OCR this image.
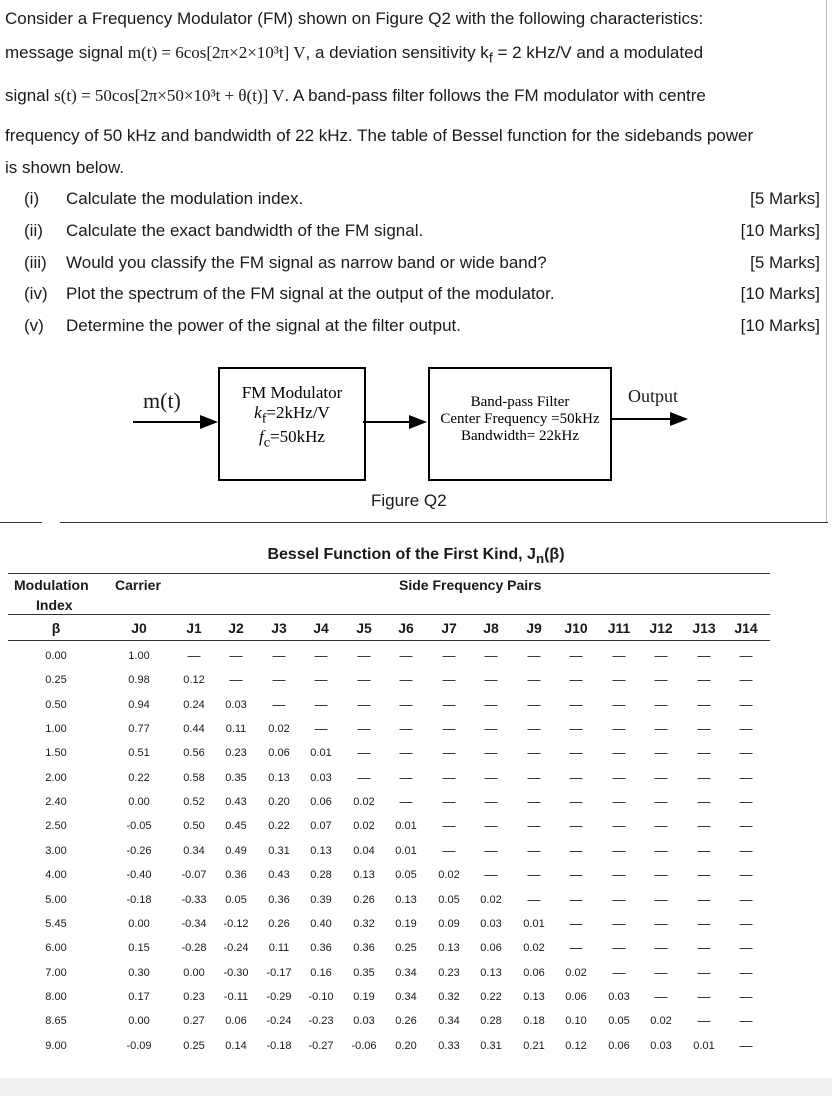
Consider a Frequency Modulator (FM) shown on Figure Q2 with the following characteristics:
message signal m(t) = 6cos[2π×2×10³t] V, a deviation sensitivity $k_f = 2$ kHz/V and a modulated
signal s(t) = 50cos[2π×50×10³t + θ(t)] V. A band-pass filter follows the FM modulator with centre
frequency of 50 kHz and bandwidth of 22 kHz. The table of Bessel function for the sidebands power
is shown below.
(i) Calculate the modulation index.	[5 Marks]
(ii) Calculate the exact bandwidth of the FM signal.	[10 Marks]
(iii) Would you classify the FM signal as narrow band or wide band?	[5 Marks]
(iv) Plot the spectrum of the FM signal at the output of the modulator.	[10 Marks]
(v) Determine the power of the signal at the filter output.	[10 Marks]
m(t)	FM Modulator
$k_f=2kHz/V$
$f_c=50kHz$
Band-pass Filter
Center Frequency =50kHz
Bandwidth= 22kHz
Output
Figure Q2
Bessel Function of the First Kind, $J_n(\beta)$
Modulation
Index
Carrier	Side Frequency Pairs
β	J0	J1	J2	J3	J4	J5	J6	J7	J8	J9	J10	J11	J12	J13	J14
0.00	1.00	—	—	—	—	—	—	—	—	—	—	—	—	—	—
0.25	0.98	0.12	—	—	—	—	—	—	—	—	—	—	—	—	—
0.50	0.94	0.24	0.03	—	—	—	—	—	—	—	—	—	—	—	—
1.00	0.77	0.44	0.11	0.02	—	—	—	—	—	—	—	—	—	—	—
1.50	0.51	0.56	0.23	0.06	0.01	—	—	—	—	—	—	—	—	—	—
2.00	0.22	0.58	0.35	0.13	0.03	—	—	—	—	—	—	—	—	—	—
2.40	0.00	0.52	0.43	0.20	0.06	0.02	—	—	—	—	—	—	—	—	—
2.50	-0.05	0.50	0.45	0.22	0.07	0.02	0.01	—	—	—	—	—	—	—	—
3.00	-0.26	0.34	0.49	0.31	0.13	0.04	0.01	—	—	—	—	—	—	—	—
4.00	-0.40	-0.07	0.36	0.43	0.28	0.13	0.05	0.02	—	—	—	—	—	—	—
5.00	-0.18	-0.33	0.05	0.36	0.39	0.26	0.13	0.05	0.02	—	—	—	—	—	—
5.45	0.00	-0.34	-0.12	0.26	0.40	0.32	0.19	0.09	0.03	0.01	—	—	—	—	—
6.00	0.15	-0.28	-0.24	0.11	0.36	0.36	0.25	0.13	0.06	0.02	—	—	—	—	—
7.00	0.30	0.00	-0.30	-0.17	0.16	0.35	0.34	0.23	0.13	0.06	0.02	—	—	—	—
8.00	0.17	0.23	-0.11	-0.29	-0.10	0.19	0.34	0.32	0.22	0.13	0.06	0.03	—	—	—
8.65	0.00	0.27	0.06	-0.24	-0.23	0.03	0.26	0.34	0.28	0.18	0.10	0.05	0.02	—	—
9.00	-0.09	0.25	0.14	-0.18	-0.27	-0.06	0.20	0.33	0.31	0.21	0.12	0.06	0.03	0.01	—
